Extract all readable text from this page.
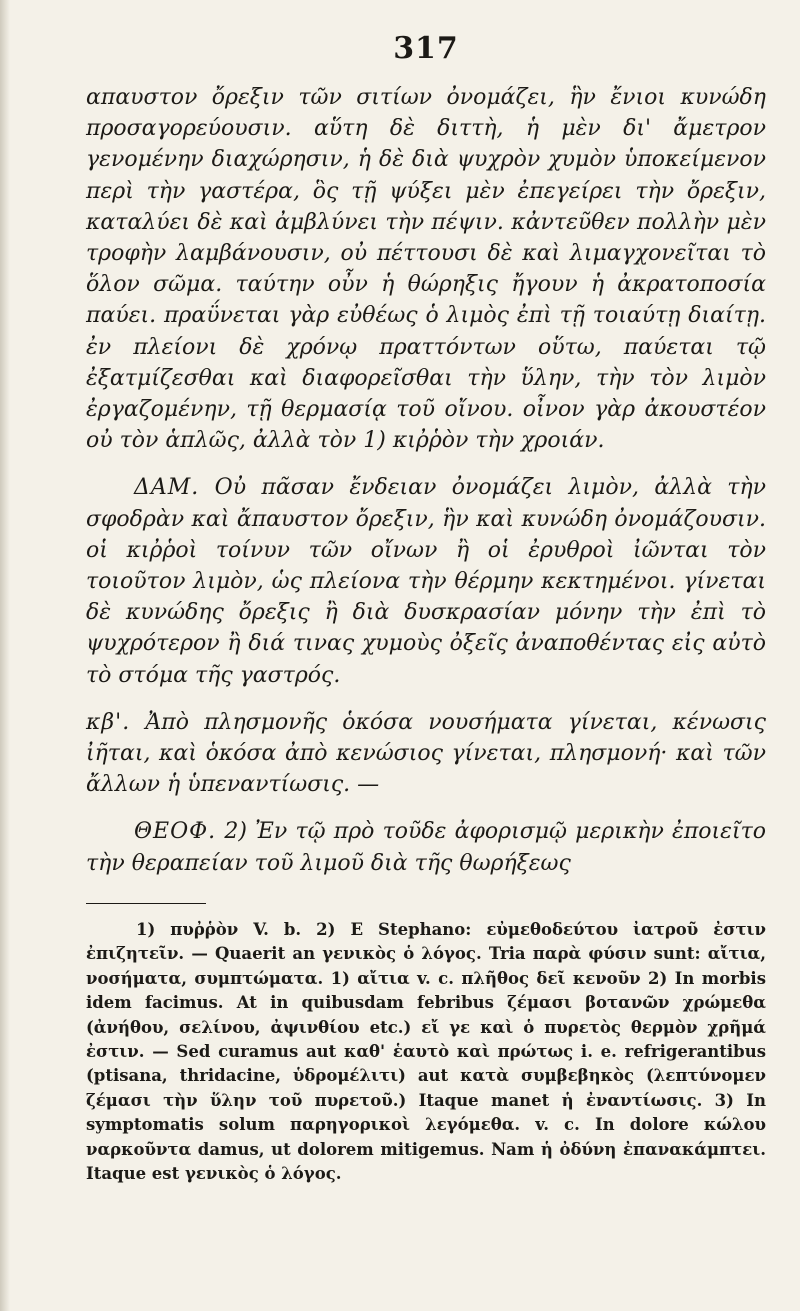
317

απαυστον ὄρεξιν τῶν σιτίων ὀνομάζει, ἣν ἔνιοι κυνώδη προσαγορεύουσιν. αὕτη δὲ διττὴ, ἡ μὲν δι' ἄμετρον γενομένην διαχώρησιν, ἡ δὲ διὰ ψυχρὸν χυμὸν ὑποκείμενον περὶ τὴν γαστέρα, ὃς τῇ ψύξει μὲν ἐπεγείρει τὴν ὄρεξιν, καταλύει δὲ καὶ ἀμβλύνει τὴν πέψιν. κἀντεῦθεν πολλὴν μὲν τροφὴν λαμβάνουσιν, οὐ πέττουσι δὲ καὶ λιμαγχονεῖται τὸ ὅλον σῶμα. ταύτην οὖν ἡ θώρηξις ἤγουν ἡ ἀκρατοποσία παύει. πραΰνεται γὰρ εὐθέως ὁ λιμὸς ἐπὶ τῇ τοιαύτῃ διαίτῃ. ἐν πλείονι δὲ χρόνῳ πραττόντων οὕτω, παύεται τῷ ἐξατμίζεσθαι καὶ διαφορεῖσθαι τὴν ὕλην, τὴν τὸν λιμὸν ἐργαζομένην, τῇ θερμασίᾳ τοῦ οἴνου. οἶνον γὰρ ἀκουστέον οὐ τὸν ἁπλῶς, ἀλλὰ τὸν 1) κιῤῥὸν τὴν χροιάν.

ΔΑΜ. Οὐ πᾶσαν ἔνδειαν ὀνομάζει λιμὸν, ἀλλὰ τὴν σφοδρὰν καὶ ἄπαυστον ὄρεξιν, ἣν καὶ κυνώδη ὀνομάζουσιν. οἱ κιῤῥοὶ τοίνυν τῶν οἴνων ἢ οἱ ἐρυθροὶ ἰῶνται τὸν τοιοῦτον λιμὸν, ὡς πλείονα τὴν θέρμην κεκτημένοι. γίνεται δὲ κυνώδης ὄρεξις ἢ διὰ δυσκρασίαν μόνην τὴν ἐπὶ τὸ ψυχρότερον ἢ διά τινας χυμοὺς ὀξεῖς ἀναποθέντας εἰς αὐτὸ τὸ στόμα τῆς γαστρός.

κβ'. Ἀπὸ πλησμονῆς ὁκόσα νουσήματα γίνεται, κένωσις ἰῆται, καὶ ὁκόσα ἀπὸ κενώσιος γίνεται, πλησμονή· καὶ τῶν ἄλλων ἡ ὑπεναντίωσις. —

ΘΕΟΦ. 2) Ἐν τῷ πρὸ τοῦδε ἀφορισμῷ μερικὴν ἐποιεῖτο τὴν θεραπείαν τοῦ λιμοῦ διὰ τῆς θωρήξεως

1) πυῤῥὸν V. b. 2) E Stephano: εὐμεθοδεύτου ἰατροῦ ἐστιν ἐπιζητεῖν. — Quaerit an γενικὸς ὁ λόγος. Tria παρὰ φύσιν sunt: αἴτια, νοσήματα, συμπτώματα. 1) αἴτια v. c. πλῆθος δεῖ κενοῦν 2) In morbis idem facimus. At in quibusdam febribus ζέμασι βοτανῶν χρώμεθα (ἀνήθου, σελίνου, ἀψινθίου etc.) εἴ γε καὶ ὁ πυρετὸς θερμὸν χρῆμά ἐστιν. — Sed curamus aut καθ' ἑαυτὸ καὶ πρώτως i. e. refrigerantibus (ptisana, thridacine, ὑδρομέλιτι) aut κατὰ συμβεβηκὸς (λεπτύνομεν ζέμασι τὴν ὕλην τοῦ πυρετοῦ.) Itaque manet ἡ ἐναντίωσις. 3) In symptomatis solum παρηγορικοὶ λεγόμεθα. v. c. In dolore κώλου ναρκοῦντα damus, ut dolorem mitigemus. Nam ἡ ὀδύνη ἐπανακάμπτει. Itaque est γενικὸς ὁ λόγος.
